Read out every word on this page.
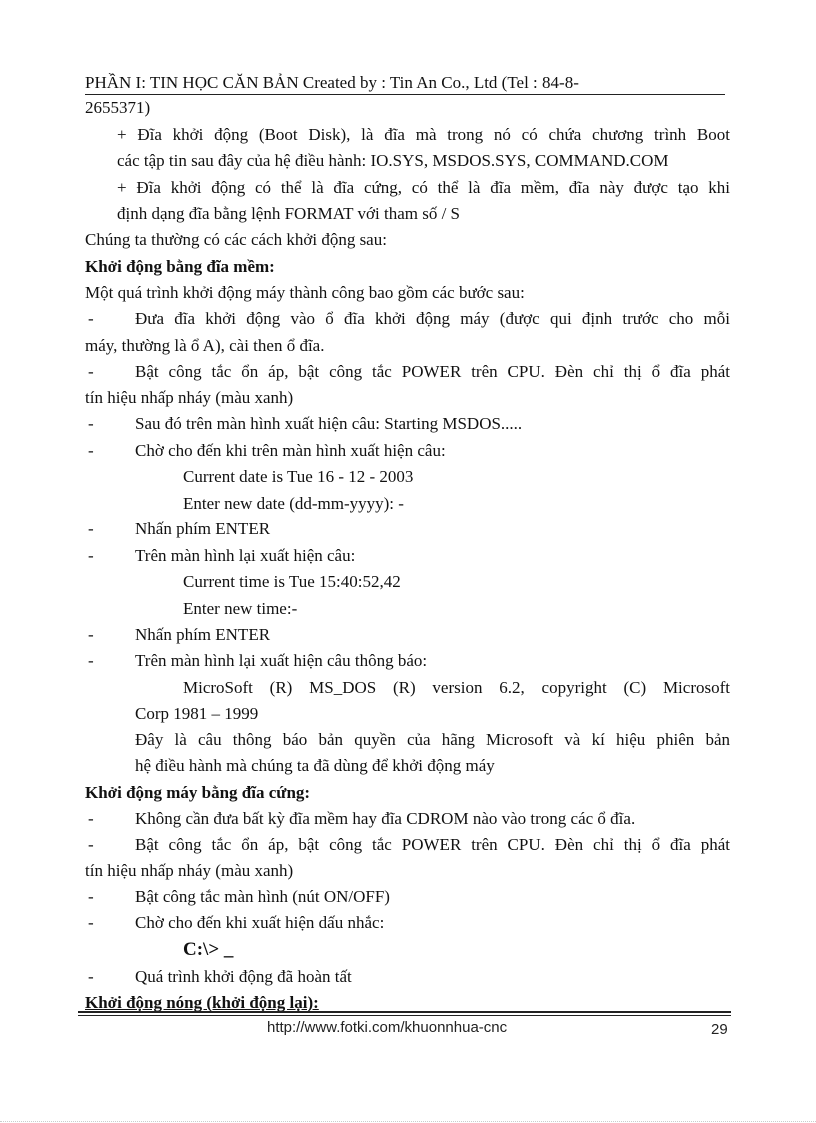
PHẦN I: TIN HỌC CĂN BẢN Created by : Tin An Co., Ltd (Tel : 84-8-
2655371)
+ Đĩa khởi động (Boot Disk), là đĩa mà trong nó có chứa chương trình Boot
các tập tin sau đây của hệ điều hành: IO.SYS, MSDOS.SYS, COMMAND.COM
+ Đĩa khởi động có thể là đĩa cứng, có thể là đĩa mềm, đĩa này được tạo khi
định dạng đĩa bằng lệnh FORMAT với tham số / S
Chúng ta thường có các cách khởi động sau:
Khởi động bằng đĩa mềm:
Một quá trình khởi động máy thành công bao gồm các bước sau:
- Đưa đĩa khởi động vào ổ đĩa khởi động máy (được qui định trước cho mỗi
máy, thường là ổ A), cài then ổ đĩa.
- Bật công tắc ổn áp, bật công tắc POWER trên CPU. Đèn chỉ thị ổ đĩa phát
tín hiệu nhấp nháy (màu xanh)
- Sau đó trên màn hình xuất hiện câu: Starting MSDOS.....
- Chờ cho đến khi trên màn hình xuất hiện câu:
Current date is Tue 16 - 12 - 2003
Enter new date (dd-mm-yyyy): -
- Nhấn phím ENTER
- Trên màn hình lại xuất hiện câu:
Current time is Tue 15:40:52,42
Enter new time:-
- Nhấn phím ENTER
- Trên màn hình lại xuất hiện câu thông báo:
MicroSoft (R) MS_DOS (R) version 6.2, copyright (C) Microsoft
Corp 1981 – 1999
Đây là câu thông báo bản quyền của hãng Microsoft và kí hiệu phiên bản
hệ điều hành mà chúng ta đã dùng để khởi động máy
Khởi động máy bằng đĩa cứng:
- Không cần đưa bất kỳ đĩa mềm hay đĩa CDROM nào vào trong các ổ đĩa.
- Bật công tắc ổn áp, bật công tắc POWER trên CPU. Đèn chỉ thị ổ đĩa phát
tín hiệu nhấp nháy (màu xanh)
- Bật công tắc màn hình (nút ON/OFF)
- Chờ cho đến khi xuất hiện dấu nhắc:
C:\> _
- Quá trình khởi động đã hoàn tất
Khởi động nóng (khởi động lại):
http://www.fotki.com/khuonnhua-cnc	29
